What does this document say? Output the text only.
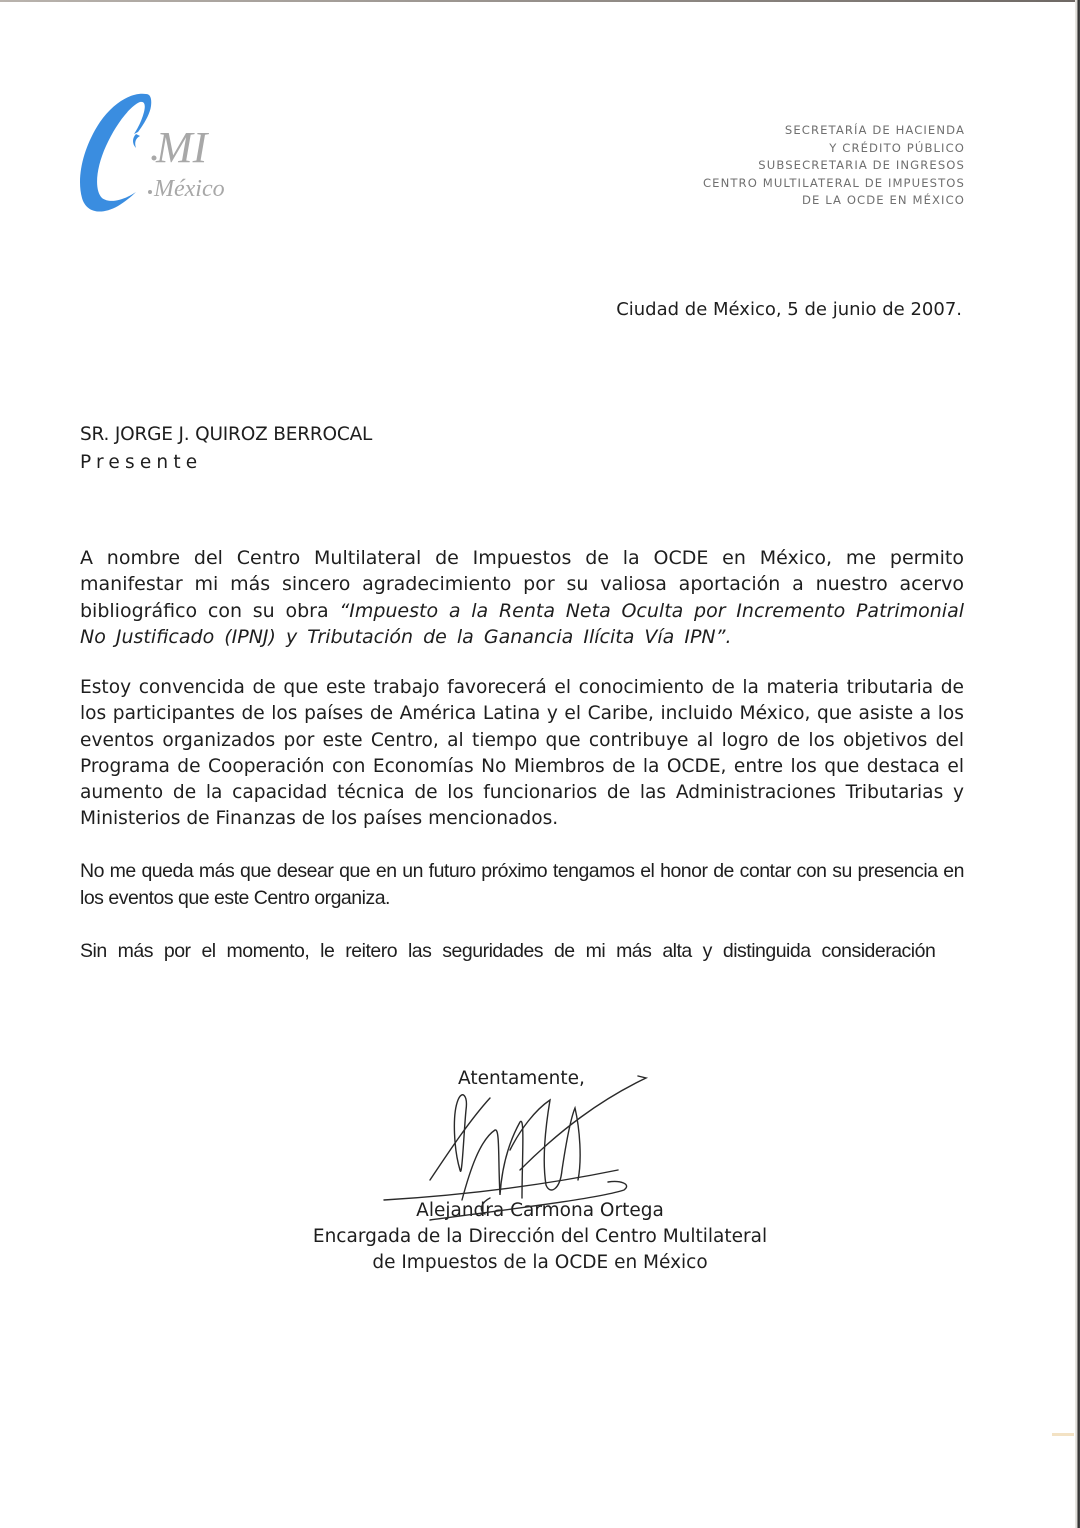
MI
México
SECRETARÍA DE HACIENDA
Y CRÉDITO PÚBLICO
SUBSECRETARIA DE INGRESOS
CENTRO MULTILATERAL DE IMPUESTOS
DE LA OCDE EN MÉXICO
Ciudad de México, 5 de junio de 2007.
SR. JORGE J. QUIROZ BERROCAL
Presente
A nombre del Centro Multilateral de Impuestos de la OCDE en México, me permito manifestar mi más sincero agradecimiento por su valiosa aportación a nuestro acervo bibliográfico con su obra “Impuesto a la Renta Neta Oculta por Incremento Patrimonial No Justificado (IPNJ) y Tributación de la Ganancia Ilícita Vía IPN”.
Estoy convencida de que este trabajo favorecerá el conocimiento de la materia tributaria de los participantes de los países de América Latina y el Caribe, incluido México, que asiste a los eventos organizados por este Centro, al tiempo que contribuye al logro de los objetivos del Programa de Cooperación con Economías No Miembros de la OCDE, entre los que destaca el aumento de la capacidad técnica de los funcionarios de las Administraciones Tributarias y Ministerios de Finanzas de los países mencionados.
No me queda más que desear que en un futuro próximo tengamos el honor de contar con su presencia en los eventos que este Centro organiza.
Sin más por el momento, le reitero las seguridades de mi más alta y distinguida consideración
Atentamente,
Alejandra Carmona Ortega
Encargada de la Dirección del Centro Multilateral
de Impuestos de la OCDE en México
